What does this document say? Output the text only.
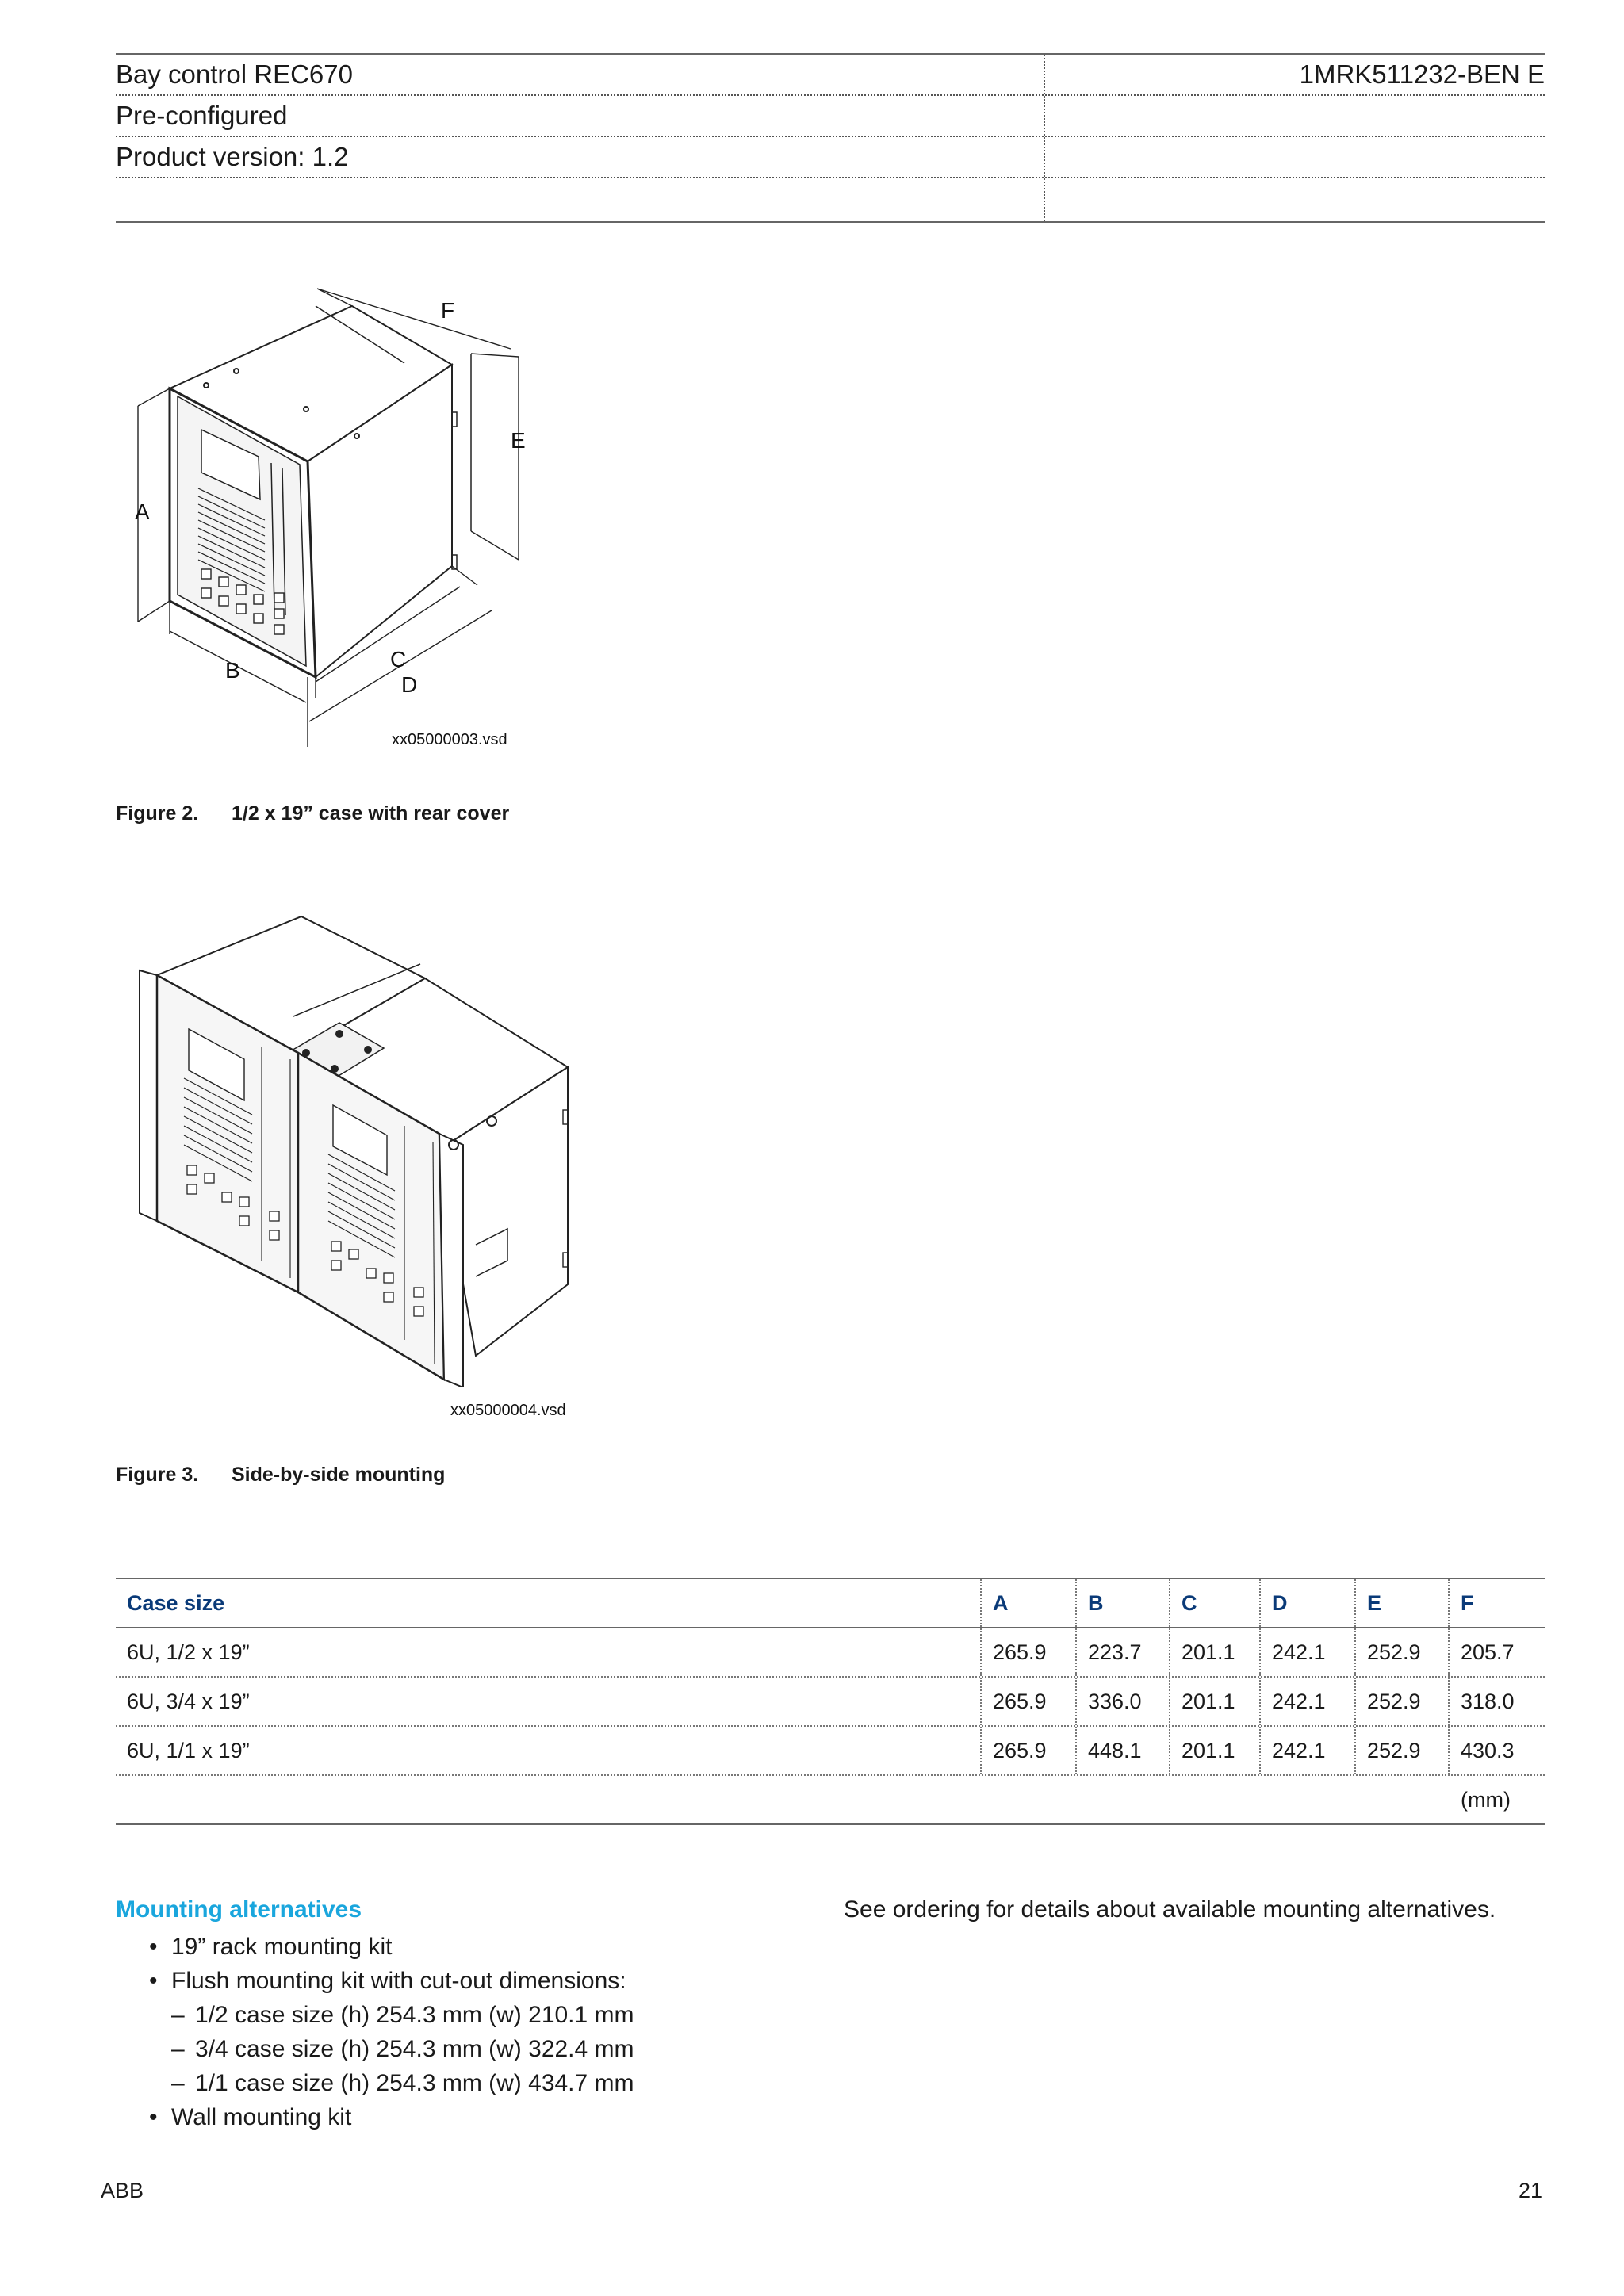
Bay control REC670	1MRK511232-BEN E
Pre-configured
Product version: 1.2
A
B	C
D
E
F
xx05000003.vsd
Figure 2. 1/2 x 19” case with rear cover
xx05000004.vsd
Figure 3. Side-by-side mounting
Case size	A	B	C	D	E	F
6U, 1/2 x 19”	265.9	223.7	201.1	242.1	252.9	205.7
6U, 3/4 x 19”	265.9	336.0	201.1	242.1	252.9	318.0
6U, 1/1 x 19”	265.9	448.1	201.1	242.1	252.9	430.3
(mm)
Mounting alternatives	See ordering for details about available mounting alternatives.
• 19” rack mounting kit
• Flush mounting kit with cut-out dimensions:
– 1/2 case size (h) 254.3 mm (w) 210.1 mm
– 3/4 case size (h) 254.3 mm (w) 322.4 mm
– 1/1 case size (h) 254.3 mm (w) 434.7 mm
• Wall mounting kit
ABB	21
